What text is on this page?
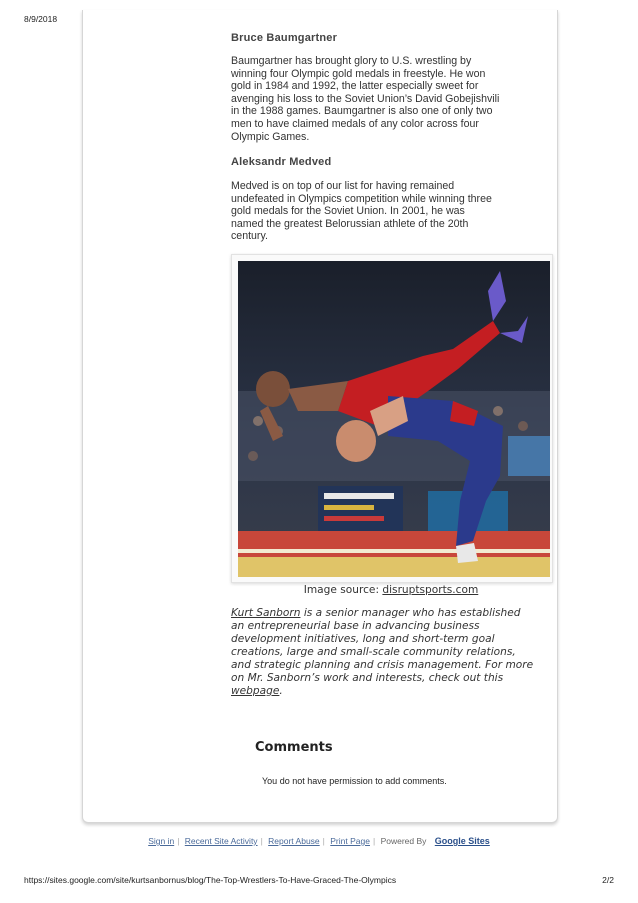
8/9/2018
Bruce Baumgartner
Baumgartner has brought glory to U.S. wrestling by
winning four Olympic gold medals in freestyle. He won
gold in 1984 and 1992, the latter especially sweet for
avenging his loss to the Soviet Union’s David Gobejishvili
in the 1988 games. Baumgartner is also one of only two
men to have claimed medals of any color across four
Olympic Games.
Aleksandr Medved
Medved is on top of our list for having remained
undefeated in Olympics competition while winning three
gold medals for the Soviet Union. In 2001, he was
named the greatest Belorussian athlete of the 20th
century.
Image source: disruptsports.com
Kurt Sanborn is a senior manager who has established
an entrepreneurial base in advancing business
development initiatives, long and short-term goal
creations, large and small-scale community relations,
and strategic planning and crisis management. For more
on Mr. Sanborn’s work and interests, check out this
webpage.
Comments
You do not have permission to add comments.
Sign in | Recent Site Activity | Report Abuse | Print Page | Powered By Google Sites
https://sites.google.com/site/kurtsanbornus/blog/The-Top-Wrestlers-To-Have-Graced-The-Olympics	2/2
